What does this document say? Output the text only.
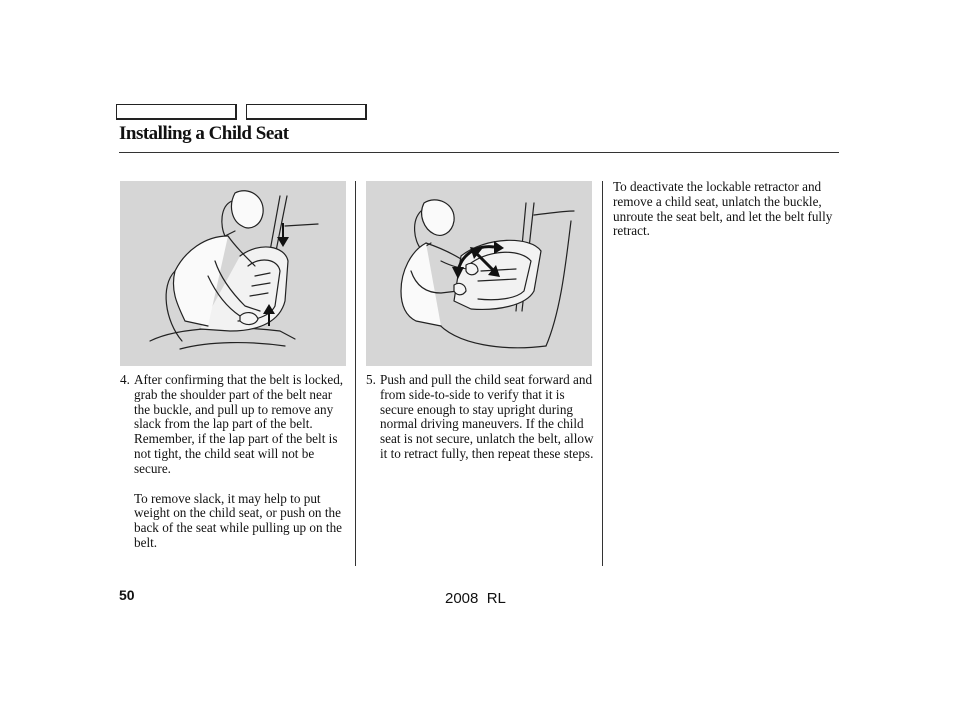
Installing a Child Seat

4. After confirming that the belt is locked, grab the shoulder part of the belt near the buckle, and pull up to remove any slack from the lap part of the belt. Remember, if the lap part of the belt is not tight, the child seat will not be secure.

To remove slack, it may help to put weight on the child seat, or push on the back of the seat while pulling up on the belt.

5. Push and pull the child seat forward and from side-to-side to verify that it is secure enough to stay upright during normal driving maneuvers. If the child seat is not secure, unlatch the belt, allow it to retract fully, then repeat these steps.

To deactivate the lockable retractor and remove a child seat, unlatch the buckle, unroute the seat belt, and let the belt fully retract.

50	2008  RL
